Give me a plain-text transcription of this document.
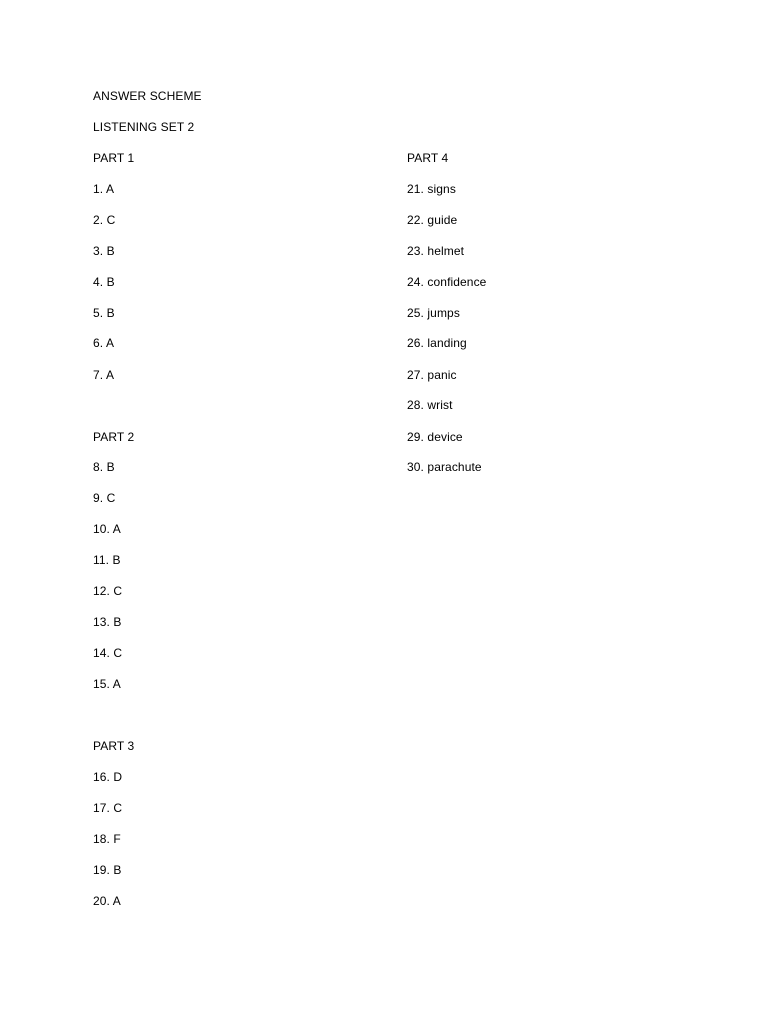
ANSWER SCHEME
LISTENING SET 2
PART 1
1. A
2. C
3. B
4. B
5. B
6. A
7. A
PART 2
8. B
9. C
10. A
11. B
12. C
13. B
14. C
15. A
PART 3
16. D
17. C
18. F
19. B
20. A
PART 4
21. signs
22. guide
23. helmet
24. confidence
25. jumps
26. landing
27. panic
28. wrist
29. device
30. parachute
